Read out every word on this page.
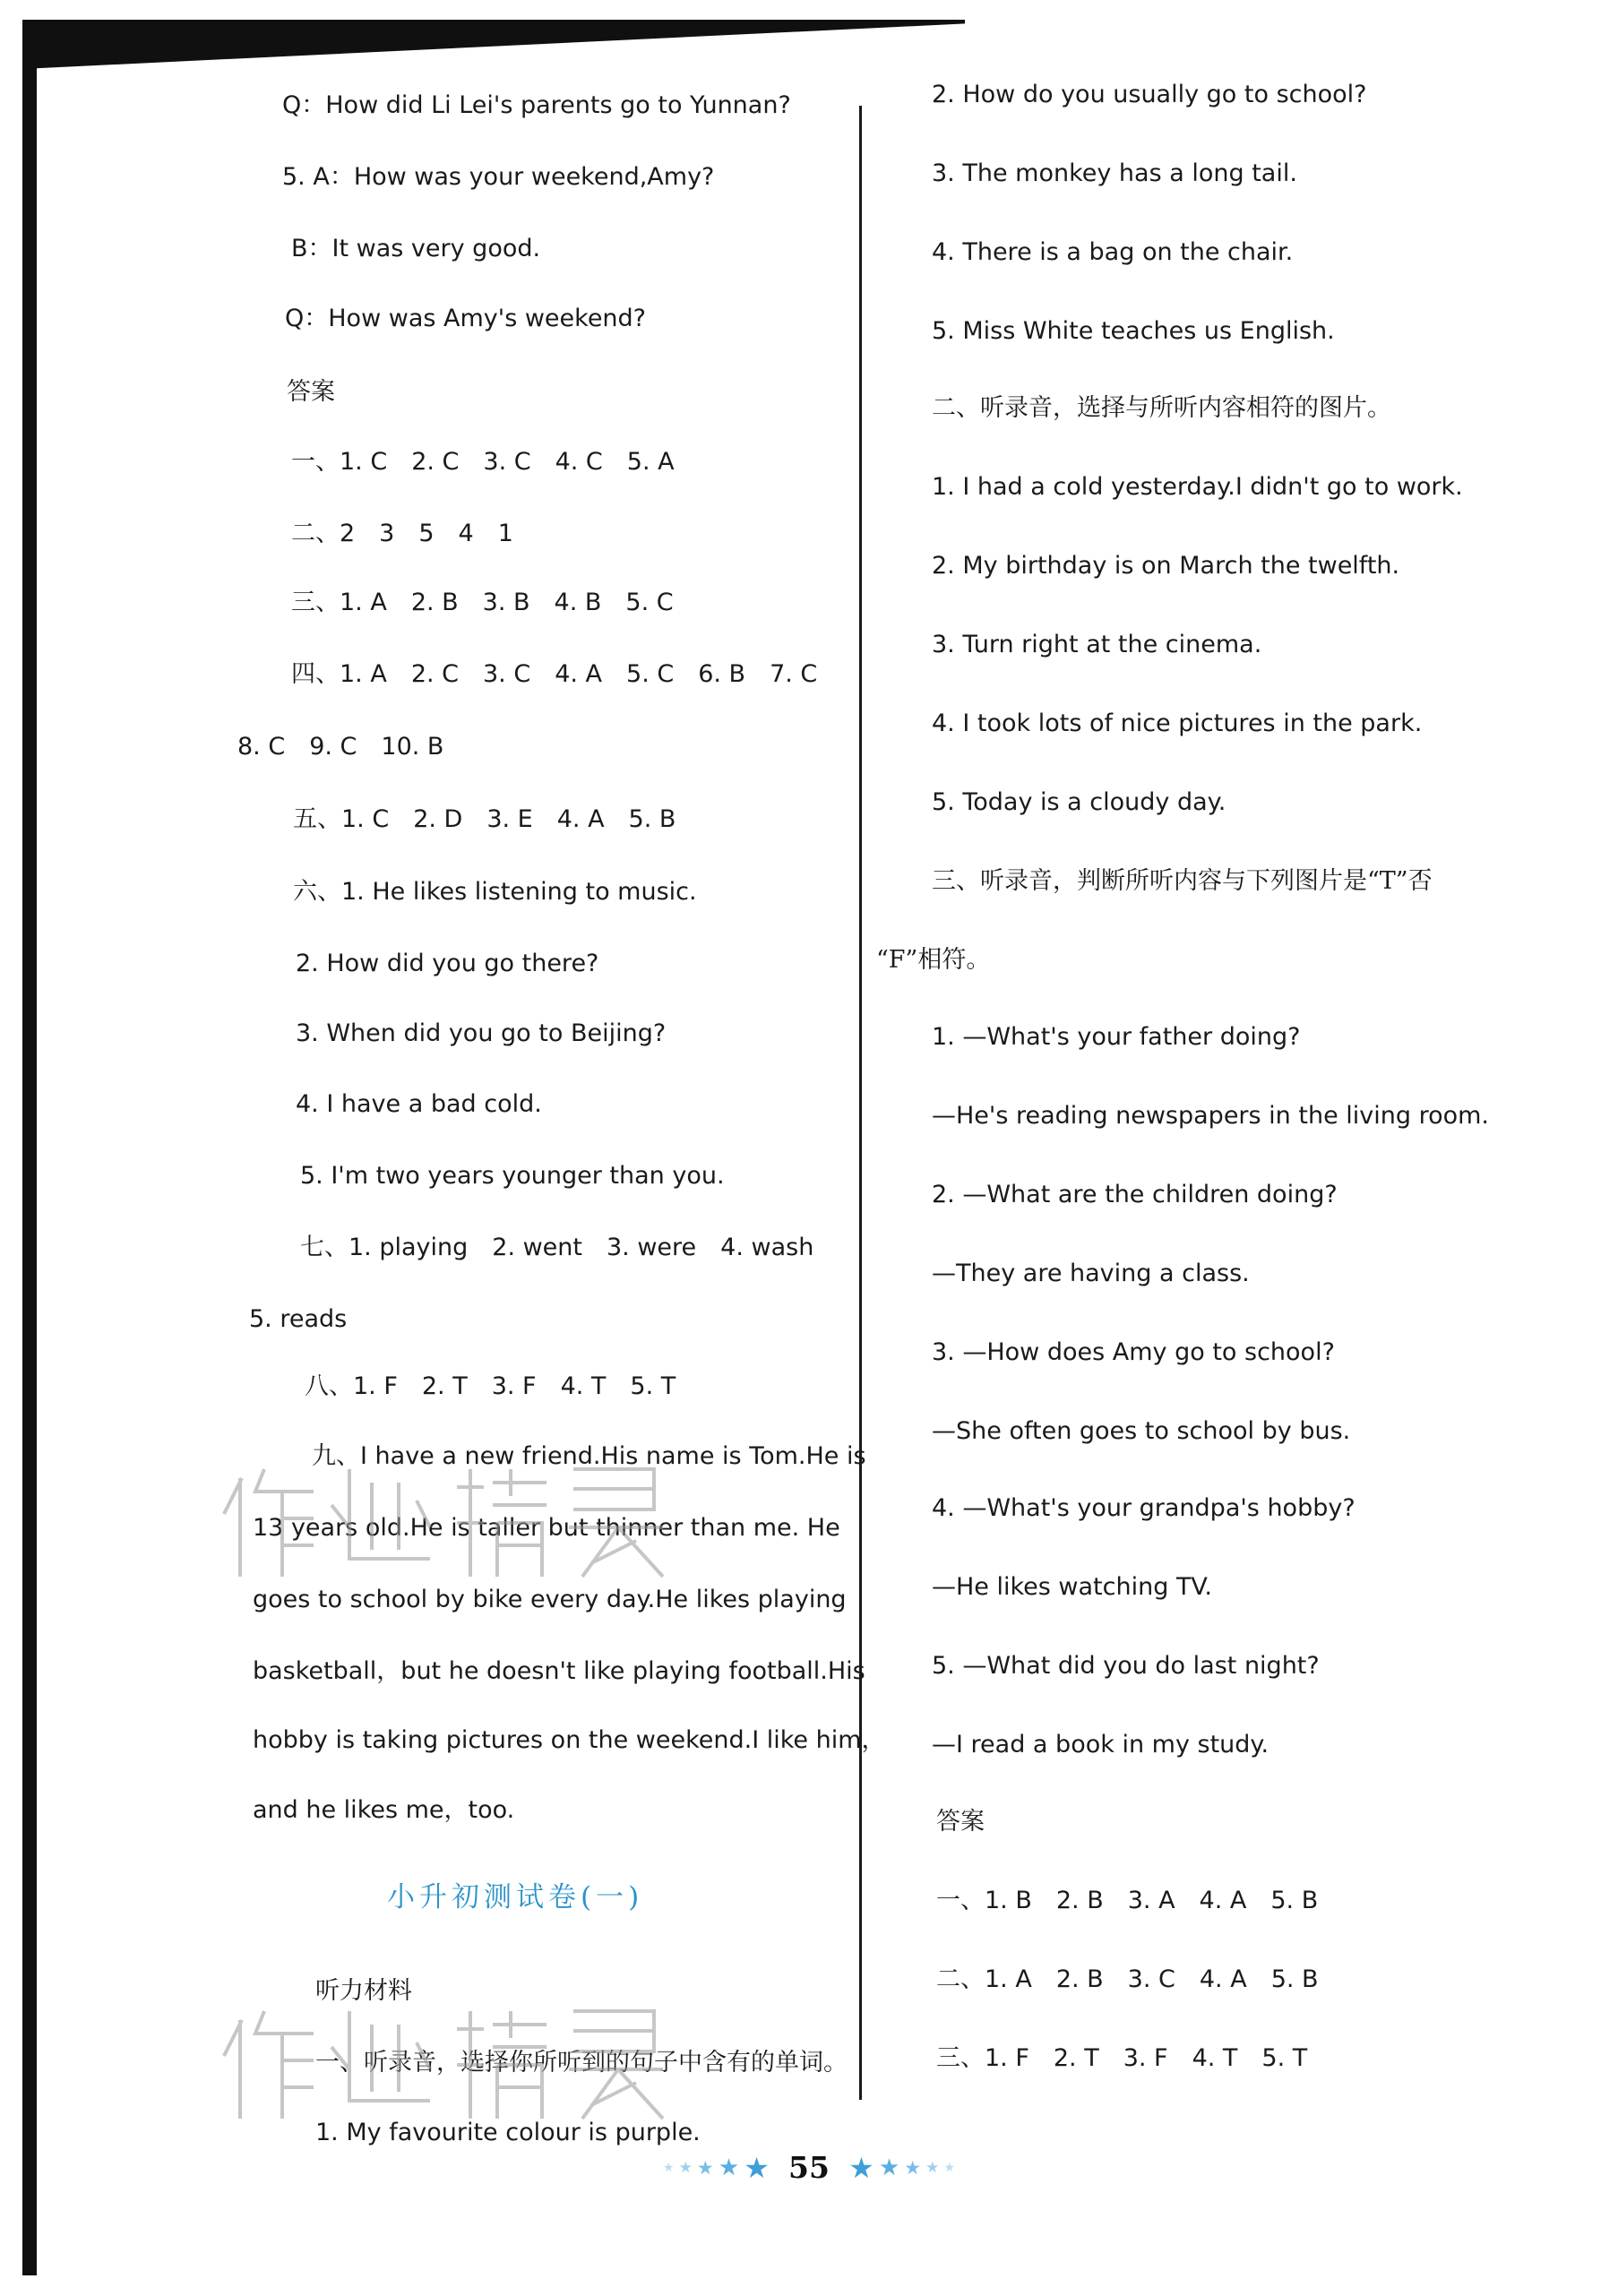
Q：How did Li Lei's parents go to Yunnan?
5. A：How was your weekend,Amy?
B：It was very good.
Q：How was Amy's weekend?
答案
一、1. C　2. C　3. C　4. C　5. A
二、2　3　5　4　1
三、1. A　2. B　3. B　4. B　5. C
四、1. A　2. C　3. C　4. A　5. C　6. B　7. C
8. C　9. C　10. B
五、1. C　2. D　3. E　4. A　5. B
六、1. He likes listening to music.
2. How did you go there?
3. When did you go to Beijing?
4. I have a bad cold.
5. I'm two years younger than you.
七、1. playing　2. went　3. were　4. wash
5. reads
八、1. F　2. T　3. F　4. T　5. T
九、I have a new friend.His name is Tom.He is
13 years old.He is taller but thinner than me. He
goes to school by bike every day.He likes playing
basketball，but he doesn't like playing football.His
hobby is taking pictures on the weekend.I like him，
and he likes me，too.
小升初测试卷(一)
听力材料
一、听录音，选择你所听到的句子中含有的单词。
1. My favourite colour is purple.
2. How do you usually go to school?
3. The monkey has a long tail.
4. There is a bag on the chair.
5. Miss White teaches us English.
二、听录音，选择与所听内容相符的图片。
1. I had a cold yesterday.I didn't go to work.
2. My birthday is on March the twelfth.
3. Turn right at the cinema.
4. I took lots of nice pictures in the park.
5. Today is a cloudy day.
三、听录音，判断所听内容与下列图片是“T”否
“F”相符。
1. —What's your father doing?
—He's reading newspapers in the living room.
2. —What are the children doing?
—They are having a class.
3. —How does Amy go to school?
—She often goes to school by bus.
4. —What's your grandpa's hobby?
—He likes watching TV.
5. —What did you do last night?
—I read a book in my study.
答案
一、1. B　2. B　3. A　4. A　5. B
二、1. A　2. B　3. C　4. A　5. B
三、1. F　2. T　3. F　4. T　5. T
★ ★ ★ ★ ★ 55 ★ ★ ★ ★ ★
